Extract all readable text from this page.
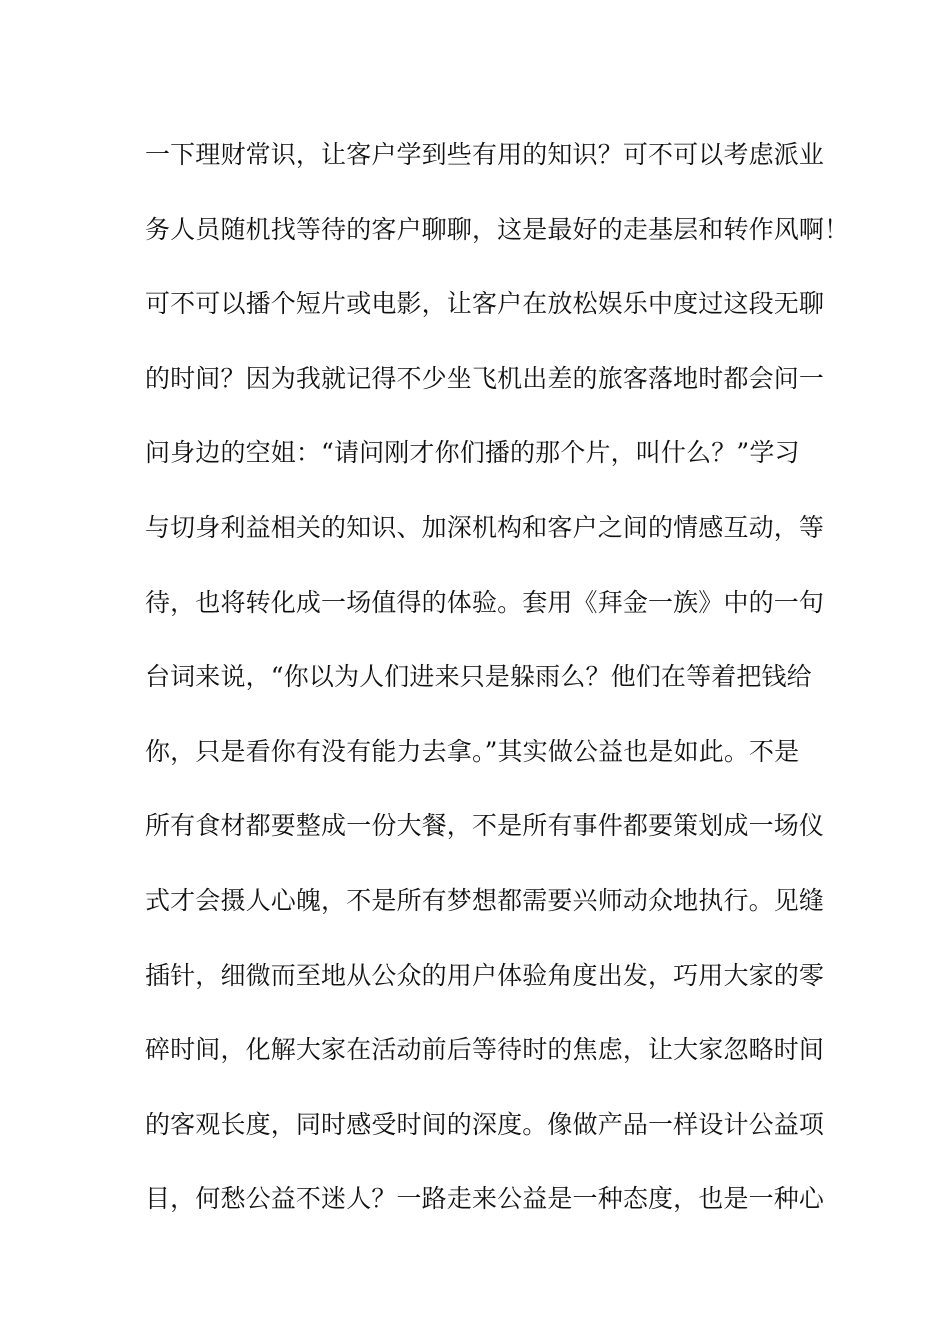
一下理财常识，让客户学到些有用的知识？可不可以考虑派业
务人员随机找等待的客户聊聊，这是最好的走基层和转作风啊！
可不可以播个短片或电影，让客户在放松娱乐中度过这段无聊
的时间？因为我就记得不少坐飞机出差的旅客落地时都会问一
问身边的空姐：“请问刚才你们播的那个片，叫什么？”学习
与切身利益相关的知识、加深机构和客户之间的情感互动，等
待，也将转化成一场值得的体验。套用《拜金一族》中的一句
台词来说，“你以为人们进来只是躲雨么？他们在等着把钱给
你，只是看你有没有能力去拿。”其实做公益也是如此。不是
所有食材都要整成一份大餐，不是所有事件都要策划成一场仪
式才会摄人心魄，不是所有梦想都需要兴师动众地执行。见缝
插针，细微而至地从公众的用户体验角度出发，巧用大家的零
碎时间，化解大家在活动前后等待时的焦虑，让大家忽略时间
的客观长度，同时感受时间的深度。像做产品一样设计公益项
目，何愁公益不迷人？一路走来公益是一种态度，也是一种心
